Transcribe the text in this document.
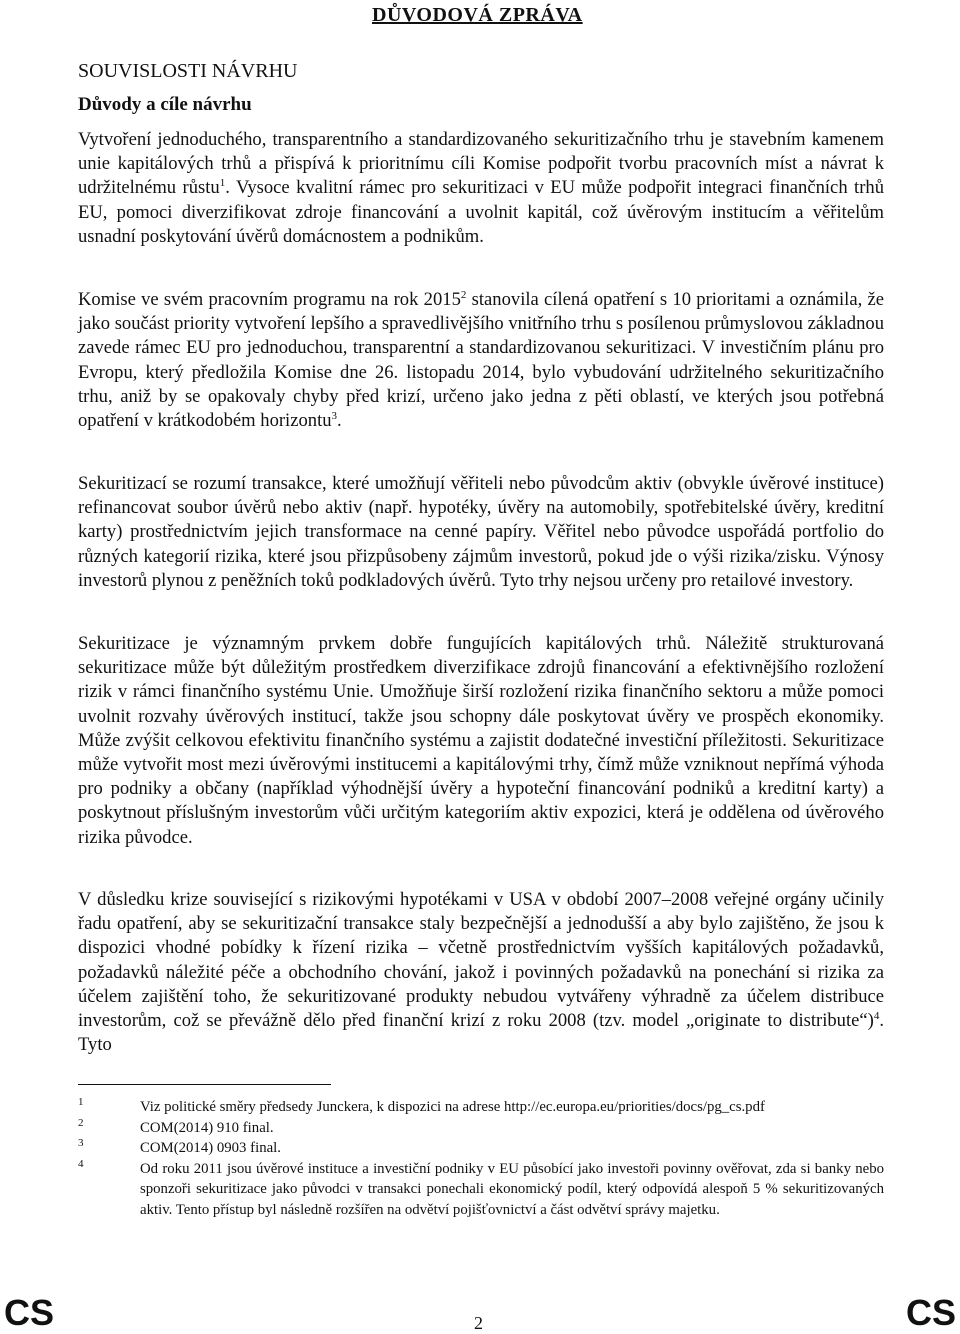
DŮVODOVÁ ZPRÁVA
SOUVISLOSTI NÁVRHU
Důvody a cíle návrhu

Vytvoření jednoduchého, transparentního a standardizovaného sekuritizačního trhu je stavebním kamenem unie kapitálových trhů a přispívá k prioritnímu cíli Komise podpořit tvorbu pracovních míst a návrat k udržitelnému růstu$^1$. Vysoce kvalitní rámec pro sekuritizaci v EU může podpořit integraci finančních trhů EU, pomoci diverzifikovat zdroje financování a uvolnit kapitál, což úvěrovým institucím a věřitelům usnadní poskytování úvěrů domácnostem a podnikům.

Komise ve svém pracovním programu na rok 2015$^2$ stanovila cílená opatření s 10 prioritami a oznámila, že jako součást priority vytvoření lepšího a spravedlivějšího vnitřního trhu s posílenou průmyslovou základnou zavede rámec EU pro jednoduchou, transparentní a standardizovanou sekuritizaci. V investičním plánu pro Evropu, který předložila Komise dne 26. listopadu 2014, bylo vybudování udržitelného sekuritizačního trhu, aniž by se opakovaly chyby před krizí, určeno jako jedna z pěti oblastí, ve kterých jsou potřebná opatření v krátkodobém horizontu$^3$.

Sekuritizací se rozumí transakce, které umožňují věřiteli nebo původcům aktiv (obvykle úvěrové instituce) refinancovat soubor úvěrů nebo aktiv (např. hypotéky, úvěry na automobily, spotřebitelské úvěry, kreditní karty) prostřednictvím jejich transformace na cenné papíry. Věřitel nebo původce uspořádá portfolio do různých kategorií rizika, které jsou přizpůsobeny zájmům investorů, pokud jde o výši rizika/zisku. Výnosy investorů plynou z peněžních toků podkladových úvěrů. Tyto trhy nejsou určeny pro retailové investory.

Sekuritizace je významným prvkem dobře fungujících kapitálových trhů. Náležitě strukturovaná sekuritizace může být důležitým prostředkem diverzifikace zdrojů financování a efektivnějšího rozložení rizik v rámci finančního systému Unie. Umožňuje širší rozložení rizika finančního sektoru a může pomoci uvolnit rozvahy úvěrových institucí, takže jsou schopny dále poskytovat úvěry ve prospěch ekonomiky. Může zvýšit celkovou efektivitu finančního systému a zajistit dodatečné investiční příležitosti. Sekuritizace může vytvořit most mezi úvěrovými institucemi a kapitálovými trhy, čímž může vzniknout nepřímá výhoda pro podniky a občany (například výhodnější úvěry a hypoteční financování podniků a kreditní karty) a poskytnout příslušným investorům vůči určitým kategoriím aktiv expozici, která je oddělena od úvěrového rizika původce.

V důsledku krize související s rizikovými hypotékami v USA v období 2007–2008 veřejné orgány učinily řadu opatření, aby se sekuritizační transakce staly bezpečnější a jednodušší a aby bylo zajištěno, že jsou k dispozici vhodné pobídky k řízení rizika – včetně prostřednictvím vyšších kapitálových požadavků, požadavků náležité péče a obchodního chování, jakož i povinných požadavků na ponechání si rizika za účelem zajištění toho, že sekuritizované produkty nebudou vytvářeny výhradně za účelem distribuce investorům, což se převážně dělo před finanční krizí z roku 2008 (tzv. model „originate to distribute“)$^4$. Tyto

1	Viz politické směry předsedy Junckera, k dispozici na adrese http://ec.europa.eu/priorities/docs/pg_cs.pdf
2	COM(2014) 910 final.
3	COM(2014) 0903 final.
4	Od roku 2011 jsou úvěrové instituce a investiční podniky v EU působící jako investoři povinny ověřovat, zda si banky nebo sponzoři sekuritizace jako původci v transakci ponechali ekonomický podíl, který odpovídá alespoň 5 % sekuritizovaných aktiv. Tento přístup byl následně rozšířen na odvětví pojišťovnictví a část odvětví správy majetku.
CS	2	CS
